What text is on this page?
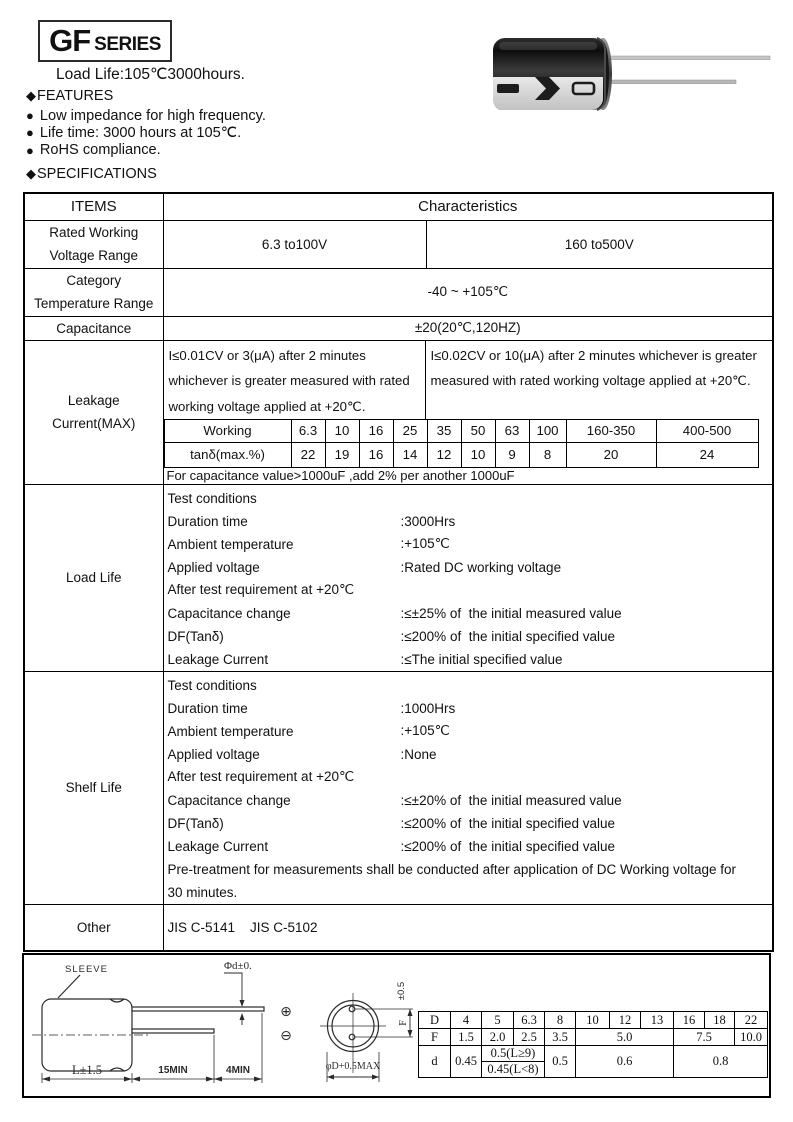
GF SERIES
Load Life:105℃3000hours.
◆ FEATURES
● Low impedance for high frequency.
● Life time: 3000 hours at 105℃.
● RoHS compliance.
◆ SPECIFICATIONS
ITEMS	Characteristics

Rated Working
Voltage Range
	6.3 to100V	160 to500V

Category
Temperature Range
	-40 ~ +105℃
Capacitance	±20(20℃,120HZ)

Leakage
Current(MAX)

I≤0.01CV or 3(μA) after 2 minutes whichever is greater measured with rated working voltage applied at +20℃.
I≤0.02CV or 10(μA) after 2 minutes whichever is greater measured with rated working voltage applied at +20℃.
Working	6.3	10	16	25	35	50	63	100	160-350	400-500
tanδ(max.%)	22	19	16	14	12	10	9	8	20	24
For capacitance value>1000uF ,add 2% per another 1000uF

Load Life	
Test conditions
Duration time	:3000Hrs
Ambient temperature	:+105℃
Applied voltage	:Rated DC working voltage
After test requirement at +20℃
Capacitance change	:≤±25% of  the initial measured value
DF(Tanδ)	:≤200% of  the initial specified value
Leakage Current	:≤The initial specified value

Shelf Life	
Test conditions
Duration time	:1000Hrs
Ambient temperature	:+105℃
Applied voltage	:None
After test requirement at +20℃
Capacitance change	:≤±20% of  the initial measured value
DF(Tanδ)	:≤200% of  the initial specified value
Leakage Current	:≤200% of  the initial specified value
Pre-treatment for measurements shall be conducted after application of DC Working voltage for
30 minutes.

Other	JIS C-5141    JIS C-5102
SLEEVE	Φd±0.
⊕
⊖
L±1.5	15MIN	4MIN
F
±0.5
φD+0.5MAX
D	4	5	6.3	8	10	12	13	16	18	22
F	1.5	2.0	2.5	3.5	5.0			7.5		10.0
d	0.45	0.5(L≥9)		0.5	0.6			0.8		
		0.45(L<8)								
